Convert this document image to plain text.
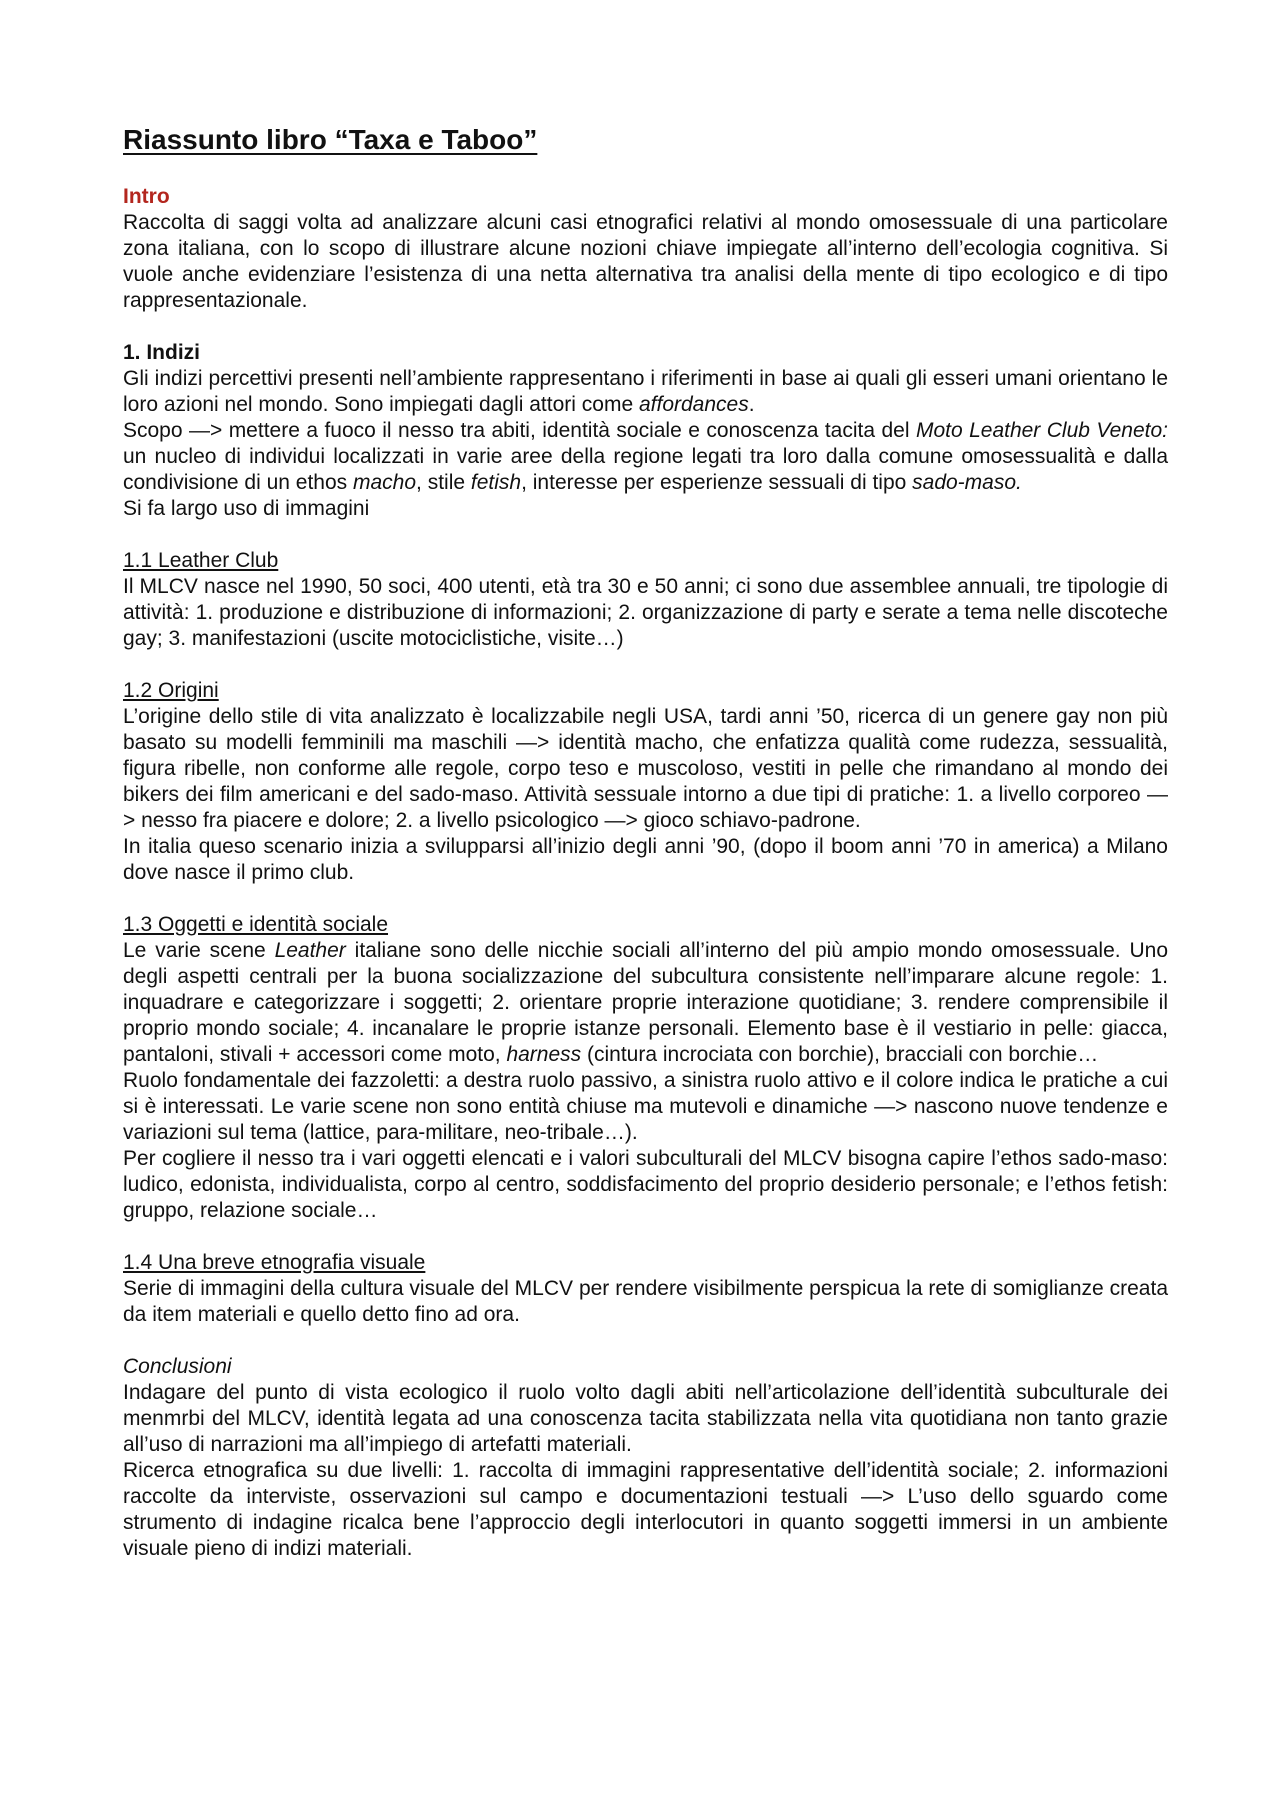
Riassunto libro “Taxa e Taboo”
Intro

Raccolta di saggi volta ad analizzare alcuni casi etnografici relativi al mondo omosessuale di una particolare zona italiana, con lo scopo di illustrare alcune nozioni chiave impiegate all’interno dell’ecologia cognitiva. Si vuole anche evidenziare l’esistenza di una netta alternativa tra analisi della mente di tipo ecologico e di tipo rappresentazionale.

1. Indizi

Gli indizi percettivi presenti nell’ambiente rappresentano i riferimenti in base ai quali gli esseri umani orientano le loro azioni nel mondo. Sono impiegati dagli attori come affordances.

Scopo —> mettere a fuoco il nesso tra abiti, identità sociale e conoscenza tacita del Moto Leather Club Veneto: un nucleo di individui localizzati in varie aree della regione legati tra loro dalla comune omosessualità e dalla condivisione di un ethos macho, stile fetish, interesse per esperienze sessuali di tipo sado-maso.

Si fa largo uso di immagini

1.1 Leather Club

Il MLCV nasce nel 1990, 50 soci, 400 utenti, età tra 30 e 50 anni; ci sono due assemblee annuali, tre tipologie di attività: 1. produzione e distribuzione di informazioni; 2. organizzazione di party e serate a tema nelle discoteche gay; 3. manifestazioni (uscite motociclistiche, visite…)

1.2 Origini

L’origine dello stile di vita analizzato è localizzabile negli USA, tardi anni ’50, ricerca di un genere gay non più basato su modelli femminili ma maschili —> identità macho, che enfatizza qualità come rudezza, sessualità, figura ribelle, non conforme alle regole, corpo teso e muscoloso, vestiti in pelle che rimandano al mondo dei bikers dei film americani e del sado-maso. Attività sessuale intorno a due tipi di pratiche: 1. a livello corporeo —> nesso fra piacere e dolore; 2. a livello psicologico —> gioco schiavo-padrone.

In italia queso scenario inizia a svilupparsi all’inizio degli anni ’90, (dopo il boom anni ’70 in america) a Milano dove nasce il primo club.

1.3 Oggetti e identità sociale

Le varie scene Leather italiane sono delle nicchie sociali all’interno del più ampio mondo omosessuale. Uno degli aspetti centrali per la buona socializzazione del subcultura consistente nell’imparare alcune regole: 1. inquadrare e categorizzare i soggetti; 2. orientare proprie interazione quotidiane; 3. rendere comprensibile il proprio mondo sociale; 4. incanalare le proprie istanze personali. Elemento base è il vestiario in pelle: giacca, pantaloni, stivali + accessori come moto, harness (cintura incrociata con borchie), bracciali con borchie…

Ruolo fondamentale dei fazzoletti: a destra ruolo passivo, a sinistra ruolo attivo e il colore indica le pratiche a cui si è interessati. Le varie scene non sono entità chiuse ma mutevoli e dinamiche —> nascono nuove tendenze e variazioni sul tema (lattice, para-militare, neo-tribale…).

Per cogliere il nesso tra i vari oggetti elencati e i valori subculturali del MLCV bisogna capire l’ethos sado-maso: ludico, edonista, individualista, corpo al centro, soddisfacimento del proprio desiderio personale; e l’ethos fetish: gruppo, relazione sociale…

1.4 Una breve etnografia visuale

Serie di immagini della cultura visuale del MLCV per rendere visibilmente perspicua la rete di somiglianze creata da item materiali e quello detto fino ad ora.

Conclusioni

Indagare del punto di vista ecologico il ruolo volto dagli abiti nell’articolazione dell’identità subculturale dei menmrbi del MLCV, identità legata ad una conoscenza tacita stabilizzata nella vita quotidiana non tanto grazie all’uso di narrazioni ma all’impiego di artefatti materiali.

Ricerca etnografica su due livelli: 1. raccolta di immagini rappresentative dell’identità sociale; 2. informazioni raccolte da interviste, osservazioni sul campo e documentazioni testuali —> L’uso dello sguardo come strumento di indagine ricalca bene l’approccio degli interlocutori in quanto soggetti immersi in un ambiente visuale pieno di indizi materiali.
